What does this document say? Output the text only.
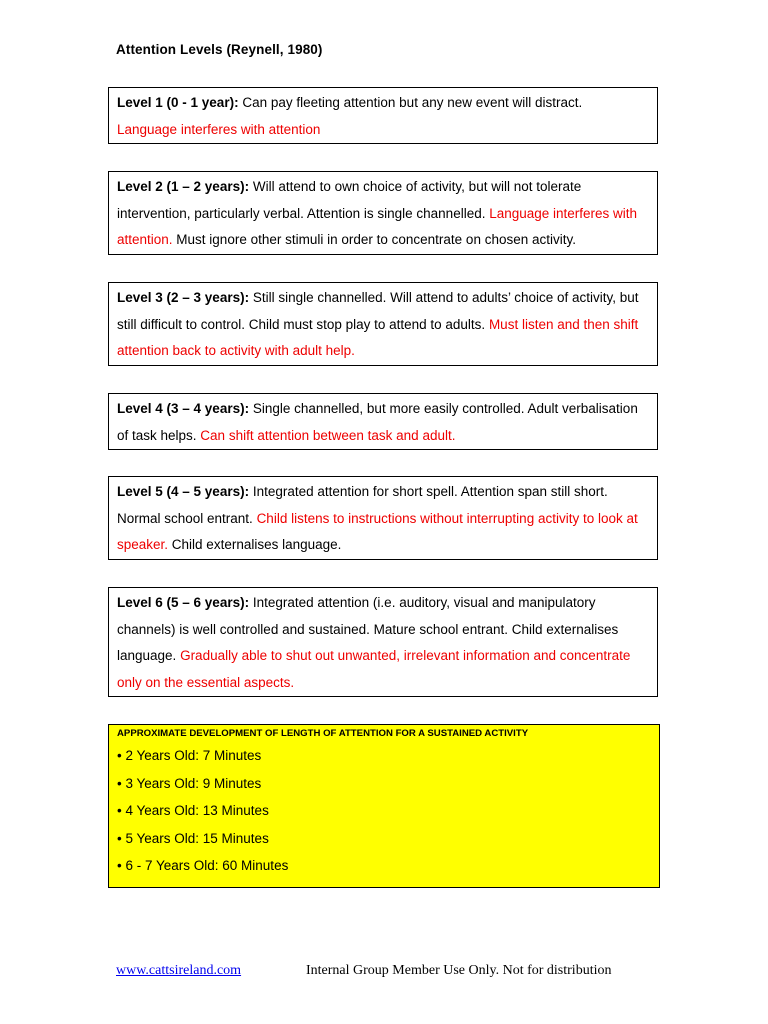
Attention Levels (Reynell, 1980)
Level 1 (0 - 1 year): Can pay fleeting attention but any new event will distract.
Language interferes with attention
Level 2 (1 – 2 years): Will attend to own choice of activity, but will not tolerate intervention, particularly verbal. Attention is single channelled. Language interferes with attention. Must ignore other stimuli in order to concentrate on chosen activity.
Level 3 (2 – 3 years): Still single channelled. Will attend to adults’ choice of activity, but still difficult to control. Child must stop play to attend to adults. Must listen and then shift attention back to activity with adult help.
Level 4 (3 – 4 years): Single channelled, but more easily controlled. Adult verbalisation of task helps. Can shift attention between task and adult.
Level 5 (4 – 5 years): Integrated attention for short spell. Attention span still short. Normal school entrant. Child listens to instructions without interrupting activity to look at speaker. Child externalises language.
Level 6 (5 – 6 years): Integrated attention (i.e. auditory, visual and manipulatory channels) is well controlled and sustained. Mature school entrant. Child externalises language. Gradually able to shut out unwanted, irrelevant information and concentrate only on the essential aspects.
APPROXIMATE DEVELOPMENT OF LENGTH OF ATTENTION FOR A SUSTAINED ACTIVITY
• 2 Years Old: 7 Minutes
• 3 Years Old: 9 Minutes
• 4 Years Old: 13 Minutes
• 5 Years Old: 15 Minutes
• 6 - 7 Years Old: 60 Minutes
www.cattsireland.com	Internal Group Member Use Only. Not for distribution
